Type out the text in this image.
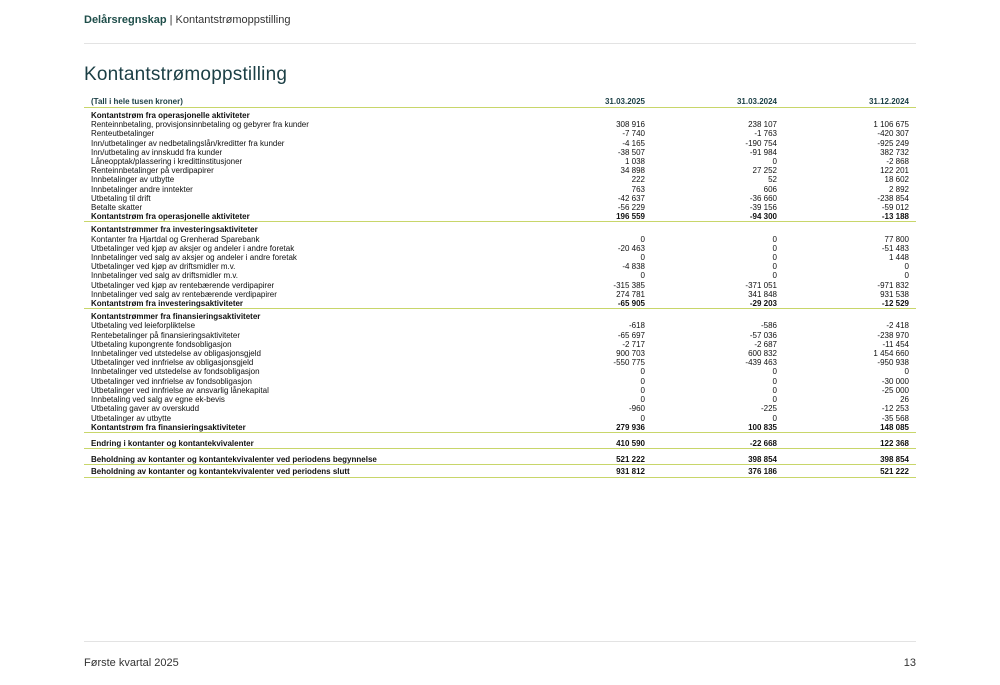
Delårsregnskap | Kontantstrømoppstilling
Kontantstrømoppstilling
(Tall i hele tusen kroner)	31.03.2025	31.03.2024	31.12.2024
Kontantstrøm fra operasjonelle aktiviteter			
Renteinnbetaling, provisjonsinnbetaling og gebyrer fra kunder	308 916	238 107	1 106 675
Renteutbetalinger	-7 740	-1 763	-420 307
Inn/utbetalinger av nedbetalingslån/kreditter fra kunder	-4 165	-190 754	-925 249
Inn/utbetaling av innskudd fra kunder	-38 507	-91 984	382 732
Låneopptak/plassering i kredittinstitusjoner	1 038	0	-2 868
Renteinnbetalinger på verdipapirer	34 898	27 252	122 201
Innbetalinger av utbytte	222	52	18 602
Innbetalinger andre inntekter	763	606	2 892
Utbetaling til drift	-42 637	-36 660	-238 854
Betalte skatter	-56 229	-39 156	-59 012
Kontantstrøm fra operasjonelle aktiviteter	196 559	-94 300	-13 188
Kontantstrømmer fra investeringsaktiviteter			
Kontanter fra Hjartdal og Grenherad Sparebank	0	0	77 800
Utbetalinger ved kjøp av aksjer og andeler i andre foretak	-20 463	0	-51 483
Innbetalinger ved salg av aksjer og andeler i andre foretak	0	0	1 448
Utbetalinger ved kjøp av driftsmidler m.v.	-4 838	0	0
Innbetalinger ved salg av driftsmidler m.v.	0	0	0
Utbetalinger ved kjøp av rentebærende verdipapirer	-315 385	-371 051	-971 832
Innbetalinger ved salg av rentebærende verdipapirer	274 781	341 848	931 538
Kontantstrøm fra investeringsaktiviteter	-65 905	-29 203	-12 529
Kontantstrømmer fra finansieringsaktiviteter			
Utbetaling ved leieforpliktelse	-618	-586	-2 418
Rentebetalinger på finansieringsaktiviteter	-65 697	-57 036	-238 970
Utbetaling kupongrente fondsobligasjon	-2 717	-2 687	-11 454
Innbetalinger ved utstedelse av obligasjonsgjeld	900 703	600 832	1 454 660
Utbetalinger ved innfrielse av obligasjonsgjeld	-550 775	-439 463	-950 938
Innbetalinger ved utstedelse av fondsobligasjon	0	0	0
Utbetalinger ved innfrielse av fondsobligasjon	0	0	-30 000
Utbetalinger ved innfrielse av ansvarlig lånekapital	0	0	-25 000
Innbetaling ved salg av egne ek-bevis	0	0	26
Utbetaling gaver av overskudd	-960	-225	-12 253
Utbetalinger av utbytte	0	0	-35 568
Kontantstrøm fra finansieringsaktiviteter	279 936	100 835	148 085

Endring i kontanter og kontantekvivalenter	410 590	-22 668	122 368

Beholdning av kontanter og kontantekvivalenter ved periodens begynnelse	521 222	398 854	398 854
Beholdning av kontanter og kontantekvivalenter ved periodens slutt	931 812	376 186	521 222
Første kvartal 2025	13
